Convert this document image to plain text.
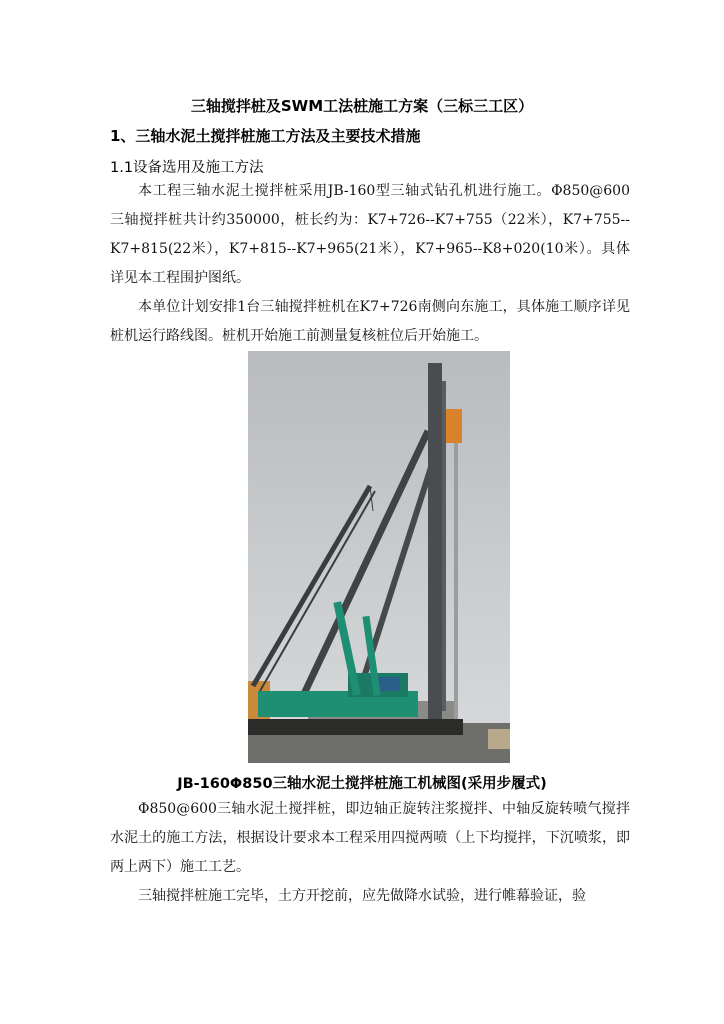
三轴搅拌桩及SWM工法桩施工方案（三标三工区）
1、三轴水泥土搅拌桩施工方法及主要技术措施
1.1设备选用及施工方法

本工程三轴水泥土搅拌桩采用JB-160型三轴式钻孔机进行施工。Φ850@600 三轴搅拌桩共计约350000，桩长约为：K7+726--K7+755（22米），K7+755--K7+815(22米），K7+815--K7+965(21米），K7+965--K8+020(10米）。具体详见本工程围护图纸。

本单位计划安排1台三轴搅拌桩机在K7+726南侧向东施工，具体施工顺序详见桩机运行路线图。桩机开始施工前测量复核桩位后开始施工。

JB-160Φ850三轴水泥土搅拌桩施工机械图(采用步履式)

Φ850@600三轴水泥土搅拌桩，即边轴正旋转注浆搅拌、中轴反旋转喷气搅拌水泥土的施工方法，根据设计要求本工程采用四搅两喷（上下均搅拌，下沉喷浆，即两上两下）施工工艺。

三轴搅拌桩施工完毕，土方开挖前，应先做降水试验，进行帷幕验证，验
